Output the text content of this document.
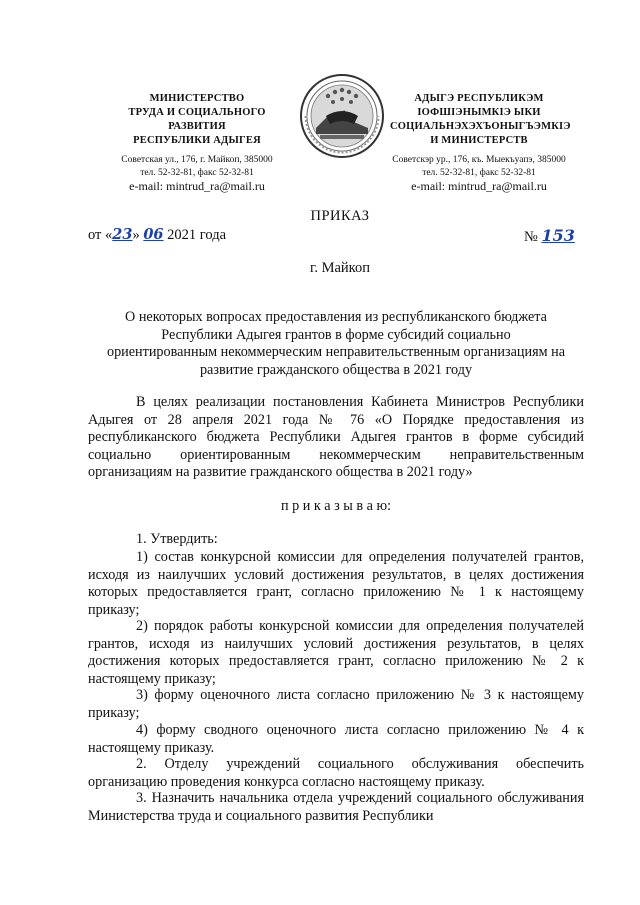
МИНИСТЕРСТВО
ТРУДА И СОЦИАЛЬНОГО
РАЗВИТИЯ
РЕСПУБЛИКИ АДЫГЕЯ
Советская ул., 176, г. Майкоп, 385000
тел. 52-32-81, факс 52-32-81
e-mail: mintrud_ra@mail.ru
АДЫГЭ РЕСПУБЛИКЭМ
ІОФШІЭНЫМКІЭ ЫКИ
СОЦИАЛЬНЭХЭХЪОНЫГЪЭМКІЭ
И МИНИСТЕРСТВ
Советскэр ур., 176, къ. Мыекъуапэ, 385000
тел. 52-32-81, факс 52-32-81
e-mail: mintrud_ra@mail.ru
ПРИКАЗ
от «23» 06 2021 года	№ 153
г. Майкоп
О некоторых вопросах предоставления из республиканского бюджета
Республики Адыгея грантов в форме субсидий социально
ориентированным некоммерческим неправительственным организациям на
развитие гражданского общества в 2021 году
В целях реализации постановления Кабинета Министров Республики Адыгея от 28 апреля 2021 года № 76 «О Порядке предоставления из республиканского бюджета Республики Адыгея грантов в форме субсидий социально ориентированным некоммерческим неправительственным организациям на развитие гражданского общества в 2021 году»
п р и к а з ы в а ю:
1. Утвердить:
1) состав конкурсной комиссии для определения получателей грантов, исходя из наилучших условий достижения результатов, в целях достижения которых предоставляется грант, согласно приложению № 1 к настоящему приказу;
2) порядок работы конкурсной комиссии для определения получателей грантов, исходя из наилучших условий достижения результатов, в целях достижения которых предоставляется грант, согласно приложению № 2 к настоящему приказу;
3) форму оценочного листа согласно приложению № 3 к настоящему приказу;
4) форму сводного оценочного листа согласно приложению № 4 к настоящему приказу.
2. Отделу учреждений социального обслуживания обеспечить организацию проведения конкурса согласно настоящему приказу.
3. Назначить начальника отдела учреждений социального обслуживания Министерства труда и социального развития Республики
